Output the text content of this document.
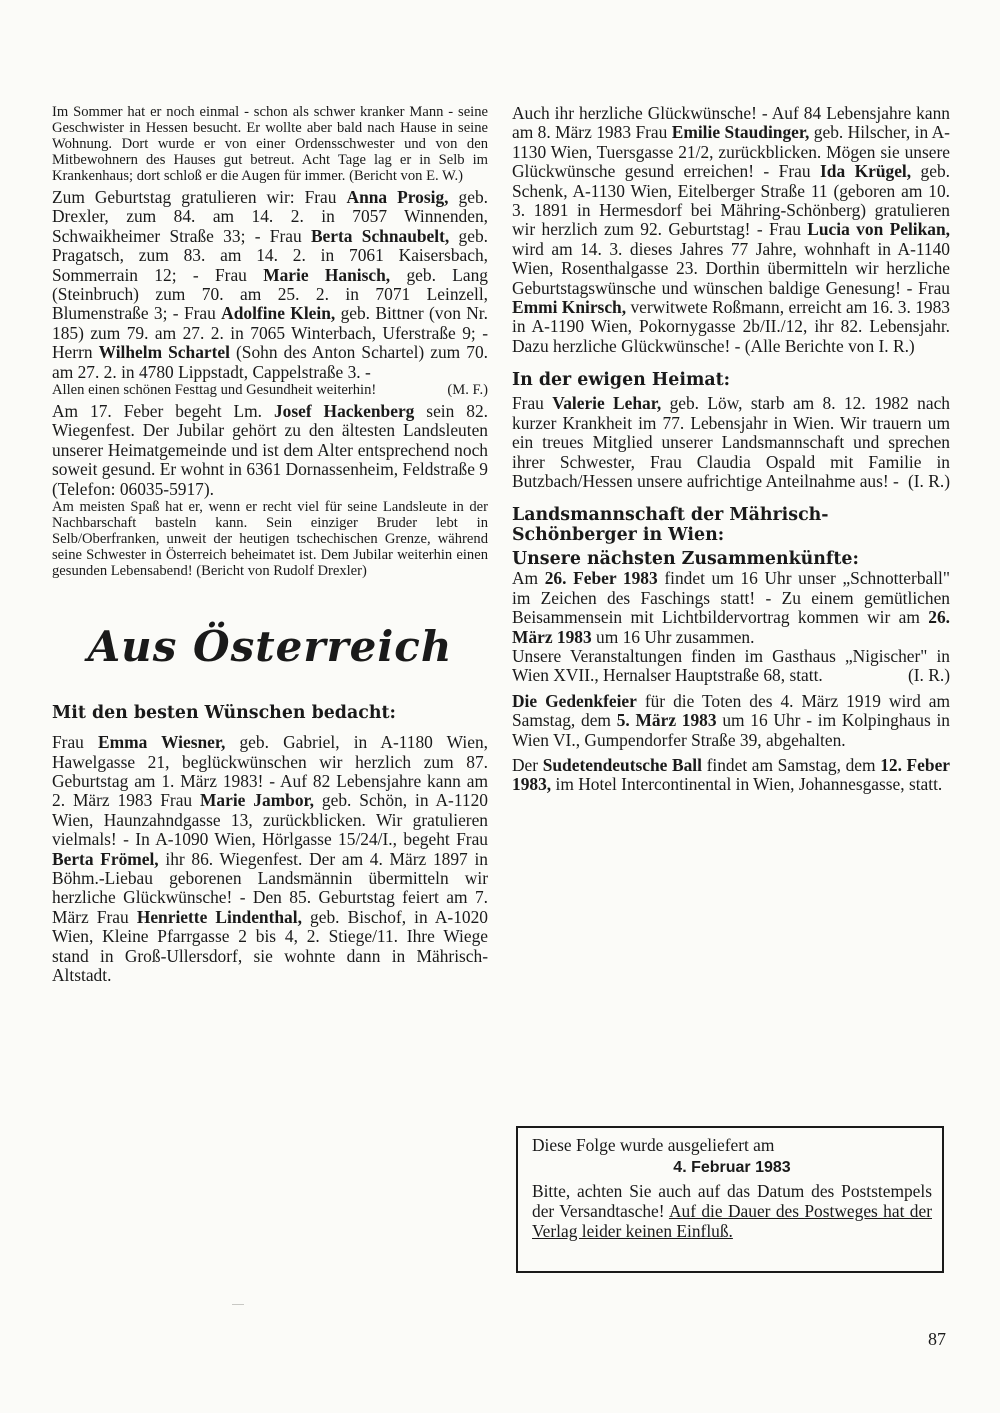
Im Sommer hat er noch einmal - schon als schwer kranker Mann - seine Geschwister in Hessen besucht. Er wollte aber bald nach Hause in seine Wohnung. Dort wurde er von einer Ordensschwester und von den Mitbewohnern des Hauses gut betreut. Acht Tage lag er in Selb im Krankenhaus; dort schloß er die Augen für immer. (Bericht von E. W.)

Zum Geburtstag gratulieren wir: Frau Anna Prosig, geb. Drexler, zum 84. am 14. 2. in 7057 Winnenden, Schwaikheimer Straße 33; - Frau Berta Schnaubelt, geb. Pragatsch, zum 83. am 14. 2. in 7061 Kaisersbach, Sommerrain 12; - Frau Marie Hanisch, geb. Lang (Steinbruch) zum 70. am 25. 2. in 7071 Leinzell, Blumenstraße 3; - Frau Adolfine Klein, geb. Bittner (von Nr. 185) zum 79. am 27. 2. in 7065 Winterbach, Uferstraße 9; - Herrn Wilhelm Schartel (Sohn des Anton Schartel) zum 70. am 27. 2. in 4780 Lippstadt, Cappelstraße 3. -

Allen einen schönen Festtag und Gesundheit weiterhin!	(M. F.)

Am 17. Feber begeht Lm. Josef Hackenberg sein 82. Wiegenfest. Der Jubilar gehört zu den ältesten Landsleuten unserer Heimatgemeinde und ist dem Alter entsprechend noch soweit gesund. Er wohnt in 6361 Dornassenheim, Feldstraße 9 (Telefon: 06035-5917).

Am meisten Spaß hat er, wenn er recht viel für seine Landsleute in der Nachbarschaft basteln kann. Sein einziger Bruder lebt in Selb/Oberfranken, unweit der heutigen tschechischen Grenze, während seine Schwester in Österreich beheimatet ist. Dem Jubilar weiterhin einen gesunden Lebensabend! (Bericht von Rudolf Drexler)

Aus Österreich
Mit den besten Wünschen bedacht:

Frau Emma Wiesner, geb. Gabriel, in A-1180 Wien, Hawelgasse 21, beglückwünschen wir herzlich zum 87. Geburtstag am 1. März 1983! - Auf 82 Lebensjahre kann am 2. März 1983 Frau Marie Jambor, geb. Schön, in A-1120 Wien, Haunzahndgasse 13, zurückblicken. Wir gratulieren vielmals! - In A-1090 Wien, Hörlgasse 15/24/I., begeht Frau Berta Frömel, ihr 86. Wiegenfest. Der am 4. März 1897 in Böhm.-Liebau geborenen Landsmännin übermitteln wir herzliche Glückwünsche! - Den 85. Geburtstag feiert am 7. März Frau Henriette Lindenthal, geb. Bischof, in A-1020 Wien, Kleine Pfarrgasse 2 bis 4, 2. Stiege/11. Ihre Wiege stand in Groß-Ullersdorf, sie wohnte dann in Mährisch-Altstadt.

Auch ihr herzliche Glückwünsche! - Auf 84 Lebensjahre kann am 8. März 1983 Frau Emilie Staudinger, geb. Hilscher, in A-1130 Wien, Tuersgasse 21/2, zurückblicken. Mögen sie unsere Glückwünsche gesund erreichen! - Frau Ida Krügel, geb. Schenk, A-1130 Wien, Eitelberger Straße 11 (geboren am 10. 3. 1891 in Hermesdorf bei Mähring-Schönberg) gratulieren wir herzlich zum 92. Geburtstag! - Frau Lucia von Pelikan, wird am 14. 3. dieses Jahres 77 Jahre, wohnhaft in A-1140 Wien, Rosenthalgasse 23. Dorthin übermitteln wir herzliche Geburtstagswünsche und wünschen baldige Genesung! - Frau Emmi Knirsch, verwitwete Roßmann, erreicht am 16. 3. 1983 in A-1190 Wien, Pokornygasse 2b/II./12, ihr 82. Lebensjahr. Dazu herzliche Glückwünsche! - (Alle Berichte von I. R.)

In der ewigen Heimat:

Frau Valerie Lehar, geb. Löw, starb am 8. 12. 1982 nach kurzer Krankheit im 77. Lebensjahr in Wien. Wir trauern um ein treues Mitglied unserer Landsmannschaft und sprechen ihrer Schwester, Frau Claudia Ospald mit Familie in Butzbach/Hessen unsere aufrichtige Anteilnahme aus! - (I. R.)

Landsmannschaft der Mährisch-Schönberger in Wien:
Unsere nächsten Zusammenkünfte:

Am 26. Feber 1983 findet um 16 Uhr unser „Schnotterball" im Zeichen des Faschings statt! - Zu einem gemütlichen Beisammensein mit Lichtbildervortrag kommen wir am 26. März 1983 um 16 Uhr zusammen.

Unsere Veranstaltungen finden im Gasthaus „Nigischer" in Wien XVII., Hernalser Hauptstraße 68, statt.	(I. R.)

Die Gedenkfeier für die Toten des 4. März 1919 wird am Samstag, dem 5. März 1983 um 16 Uhr - im Kolpinghaus in Wien VI., Gumpendorfer Straße 39, abgehalten.

Der Sudetendeutsche Ball findet am Samstag, dem 12. Feber 1983, im Hotel Intercontinental in Wien, Johannesgasse, statt.

Diese Folge wurde ausgeliefert am
4. Februar 1983

Bitte, achten Sie auch auf das Datum des Poststempels der Versandtasche! Auf die Dauer des Postweges hat der Verlag leider keinen Einfluß.

87
